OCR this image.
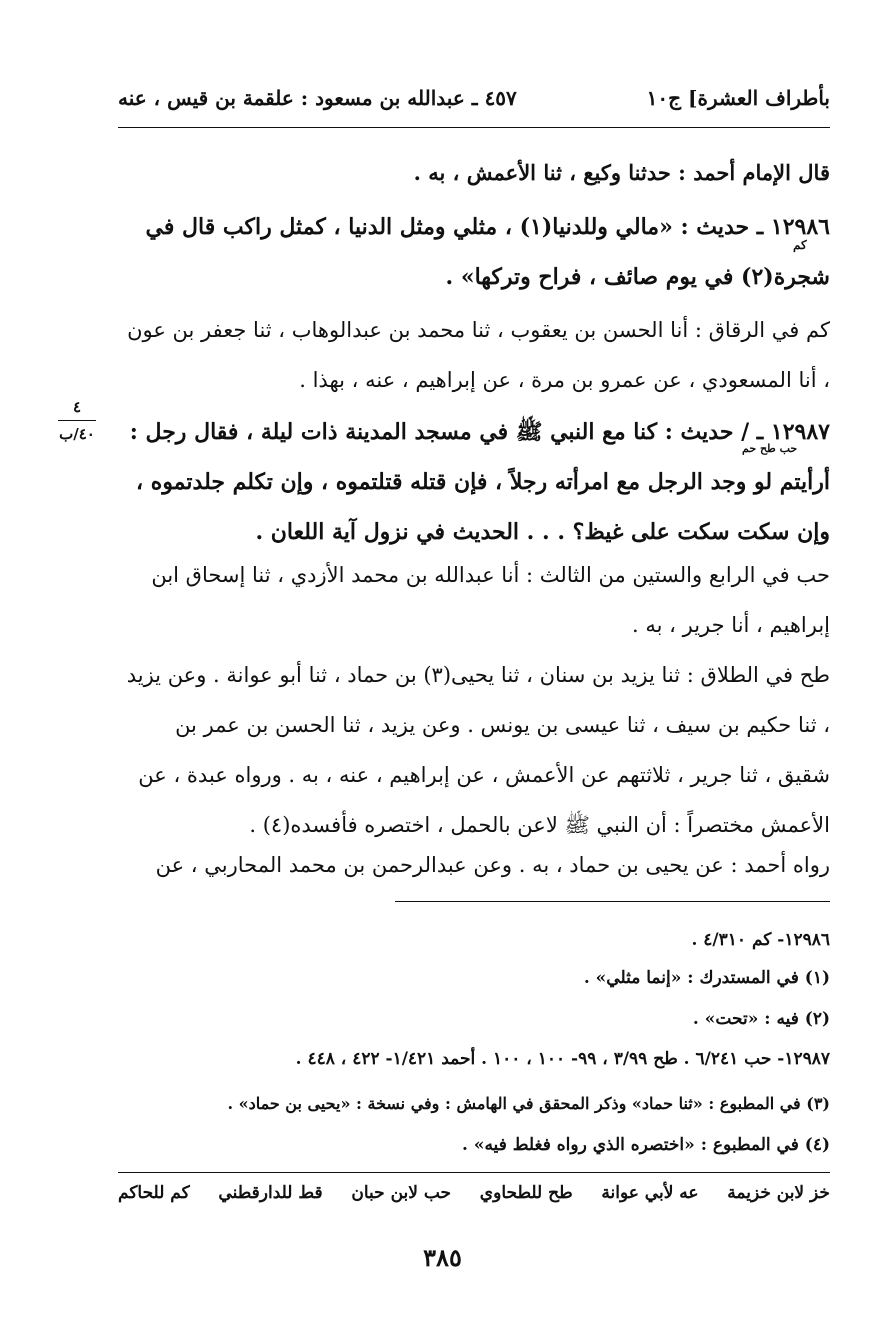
بأطراف العشرة] ج١٠
٤٥٧ ـ عبدالله بن مسعود : علقمة بن قيس ، عنه
قال الإمام أحمد : حدثنا وكيع ، ثنا الأعمش ، به .
كم
١٢٩٨٦ ـ حديث : «مالي وللدنيا(١) ، مثلي ومثل الدنيا ، كمثل راكب قال في شجرة(٢) في يوم صائف ، فراح وتركها» .
كم في الرقاق : أنا الحسن بن يعقوب ، ثنا محمد بن عبدالوهاب ، ثنا جعفر بن عون ، أنا المسعودي ، عن عمرو بن مرة ، عن إبراهيم ، عنه ، بهذا .
٤
٤٠/ب
حب طح حم
١٢٩٨٧ ـ / حديث : كنا مع النبي ﷺ في مسجد المدينة ذات ليلة ، فقال رجل : أرأيتم لو وجد الرجل مع امرأته رجلاً ، فإن قتله قتلتموه ، وإن تكلم جلدتموه ، وإن سكت سكت على غيظ؟ . . . الحديث في نزول آية اللعان .
حب في الرابع والستين من الثالث : أنا عبدالله بن محمد الأزدي ، ثنا إسحاق ابن إبراهيم ، أنا جرير ، به .
طح في الطلاق : ثنا يزيد بن سنان ، ثنا يحيى(٣) بن حماد ، ثنا أبو عوانة . وعن يزيد ، ثنا حكيم بن سيف ، ثنا عيسى بن يونس . وعن يزيد ، ثنا الحسن بن عمر بن شقيق ، ثنا جرير ، ثلاثتهم عن الأعمش ، عن إبراهيم ، عنه ، به . ورواه عبدة ، عن الأعمش مختصراً : أن النبي ﷺ لاعن بالحمل ، اختصره فأفسده(٤) .
رواه أحمد : عن يحيى بن حماد ، به . وعن عبدالرحمن بن محمد المحاربي ، عن
١٢٩٨٦- كم ٤/٣١٠ .
(١) في المستدرك : «إنما مثلي» .
(٢) فيه : «تحت» .
١٢٩٨٧- حب ٦/٢٤١ . طح ٣/٩٩ ، ٩٩- ١٠٠ ، ١٠٠ . أحمد ١/٤٢١- ٤٢٢ ، ٤٤٨ .
(٣) في المطبوع : «ثنا حماد» وذكر المحقق في الهامش : وفي نسخة : «يحيى بن حماد» .
(٤) في المطبوع : «اختصره الذي رواه فغلط فيه» .
خز لابن خزيمة
عه لأبي عوانة
طح للطحاوي
حب لابن حبان
قط للدارقطني
كم للحاكم
٣٨٥
